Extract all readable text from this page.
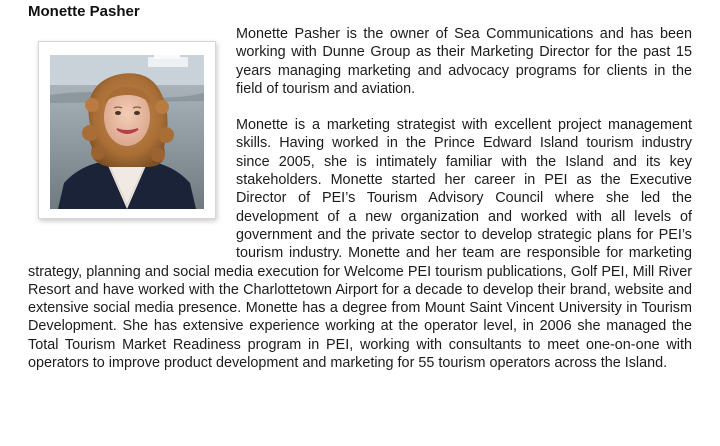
Monette Pasher

Monette Pasher is the owner of Sea Communications and has been working with Dunne Group as their Marketing Director for the past 15 years managing marketing and advocacy programs for clients in the field of tourism and aviation.

Monette is a marketing strategist with excellent project management skills. Having worked in the Prince Edward Island tourism industry since 2005, she is intimately familiar with the Island and its key stakeholders. Monette started her career in PEI as the Executive Director of PEI’s Tourism Advisory Council where she led the development of a new organization and worked with all levels of government and the private sector to develop strategic plans for PEI’s tourism industry. Monette and her team are responsible for marketing strategy, planning and social media execution for Welcome PEI tourism publications, Golf PEI, Mill River Resort and have worked with the Charlottetown Airport for a decade to develop their brand, website and extensive social media presence. Monette has a degree from Mount Saint Vincent University in Tourism Development. She has extensive experience working at the operator level, in 2006 she managed the Total Tourism Market Readiness program in PEI, working with consultants to meet one-on-one with operators to improve product development and marketing for 55 tourism operators across the Island.
